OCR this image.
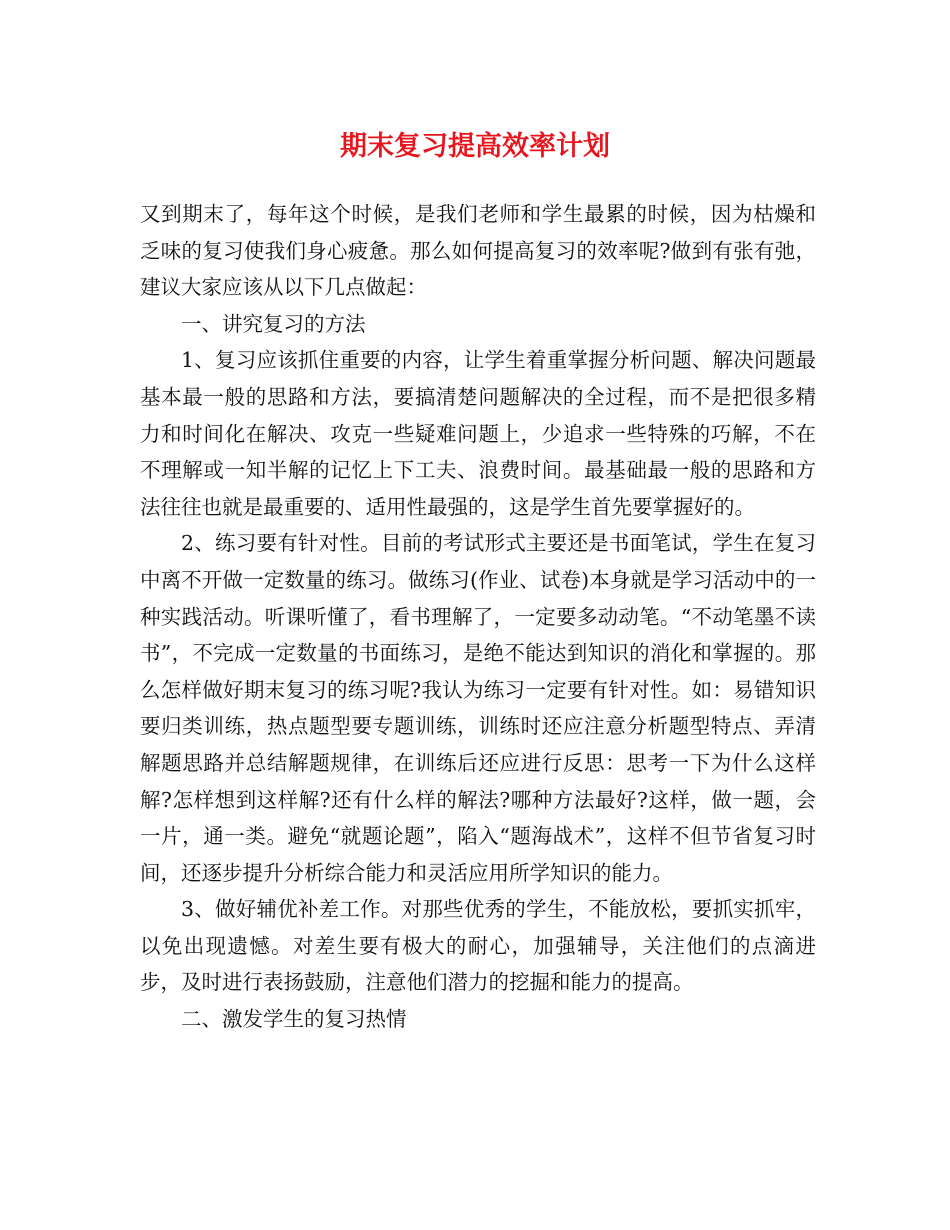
期末复习提高效率计划

又到期末了，每年这个时候，是我们老师和学生最累的时候，因为枯燥和乏味的复习使我们身心疲惫。那么如何提高复习的效率呢?做到有张有弛，建议大家应该从以下几点做起：

一、讲究复习的方法

1、复习应该抓住重要的内容，让学生着重掌握分析问题、解决问题最基本最一般的思路和方法，要搞清楚问题解决的全过程，而不是把很多精力和时间化在解决、攻克一些疑难问题上，少追求一些特殊的巧解，不在不理解或一知半解的记忆上下工夫、浪费时间。最基础最一般的思路和方法往往也就是最重要的、适用性最强的，这是学生首先要掌握好的。

2、练习要有针对性。目前的考试形式主要还是书面笔试，学生在复习中离不开做一定数量的练习。做练习(作业、试卷)本身就是学习活动中的一种实践活动。听课听懂了，看书理解了，一定要多动动笔。“不动笔墨不读书”，不完成一定数量的书面练习，是绝不能达到知识的消化和掌握的。那么怎样做好期末复习的练习呢?我认为练习一定要有针对性。如：易错知识要归类训练，热点题型要专题训练，训练时还应注意分析题型特点、弄清解题思路并总结解题规律，在训练后还应进行反思：思考一下为什么这样解?怎样想到这样解?还有什么样的解法?哪种方法最好?这样，做一题，会一片，通一类。避免“就题论题”，陷入“题海战术”，这样不但节省复习时间，还逐步提升分析综合能力和灵活应用所学知识的能力。

3、做好辅优补差工作。对那些优秀的学生，不能放松，要抓实抓牢，以免出现遗憾。对差生要有极大的耐心，加强辅导，关注他们的点滴进步，及时进行表扬鼓励，注意他们潜力的挖掘和能力的提高。

二、激发学生的复习热情
